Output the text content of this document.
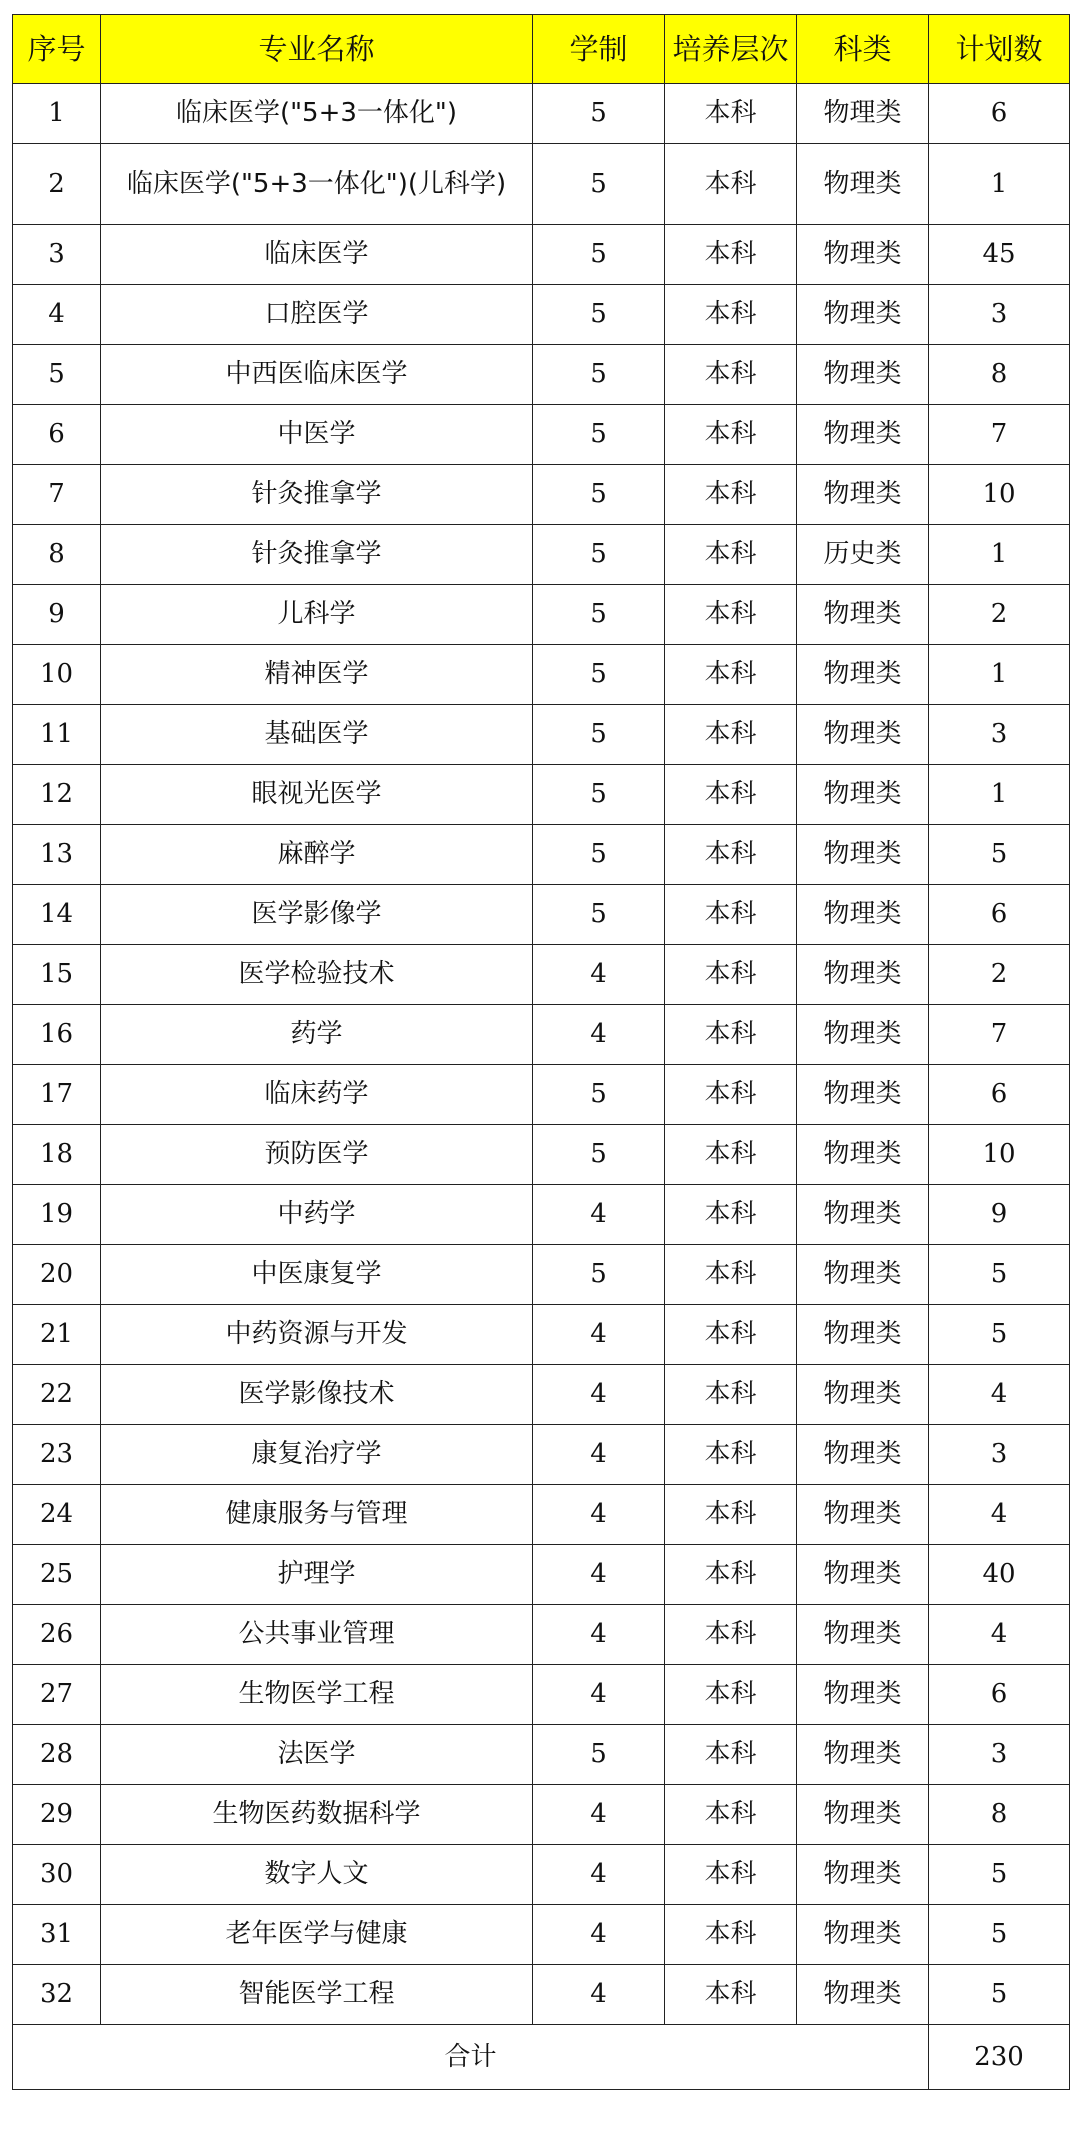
序号	专业名称	学制	培养层次	科类	计划数
1	临床医学("5+3一体化")	5	本科	物理类	6
2	临床医学("5+3一体化")(儿科学)	5	本科	物理类	1
3	临床医学	5	本科	物理类	45
4	口腔医学	5	本科	物理类	3
5	中西医临床医学	5	本科	物理类	8
6	中医学	5	本科	物理类	7
7	针灸推拿学	5	本科	物理类	10
8	针灸推拿学	5	本科	历史类	1
9	儿科学	5	本科	物理类	2
10	精神医学	5	本科	物理类	1
11	基础医学	5	本科	物理类	3
12	眼视光医学	5	本科	物理类	1
13	麻醉学	5	本科	物理类	5
14	医学影像学	5	本科	物理类	6
15	医学检验技术	4	本科	物理类	2
16	药学	4	本科	物理类	7
17	临床药学	5	本科	物理类	6
18	预防医学	5	本科	物理类	10
19	中药学	4	本科	物理类	9
20	中医康复学	5	本科	物理类	5
21	中药资源与开发	4	本科	物理类	5
22	医学影像技术	4	本科	物理类	4
23	康复治疗学	4	本科	物理类	3
24	健康服务与管理	4	本科	物理类	4
25	护理学	4	本科	物理类	40
26	公共事业管理	4	本科	物理类	4
27	生物医学工程	4	本科	物理类	6
28	法医学	5	本科	物理类	3
29	生物医药数据科学	4	本科	物理类	8
30	数字人文	4	本科	物理类	5
31	老年医学与健康	4	本科	物理类	5
32	智能医学工程	4	本科	物理类	5
合计					230
